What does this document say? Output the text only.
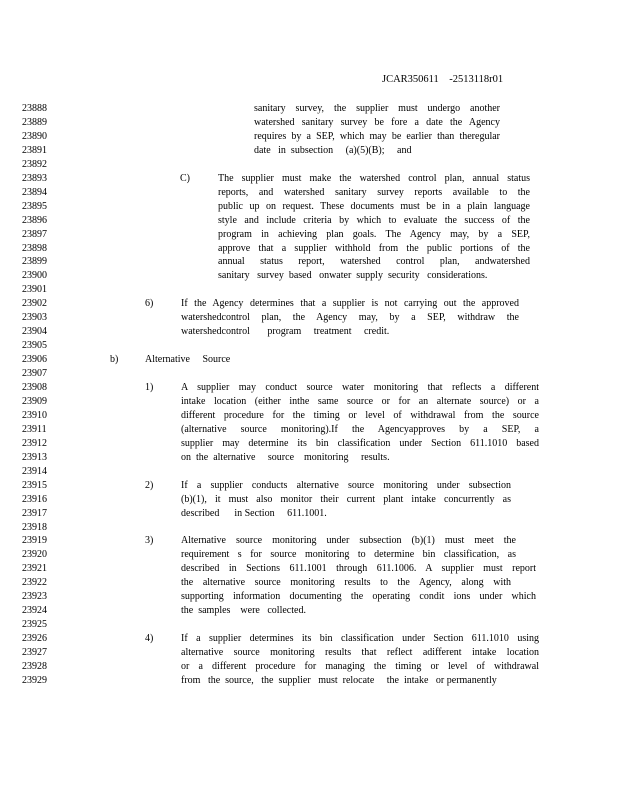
JCAR350611    -2513118r01
23888	sanitary survey, the supplier must undergo another
23889	watershed sanitary survey be fore a date the Agency
23890	requires by a SEP, which may be earlier than theregular
23891	date   in  subsection     (a)(5)(B);     and
23892
23893	C)	The supplier must make the watershed control plan, annual status
23894	reports, and watershed sanitary survey reports available to the
23895	public up on request. These documents must be in a plain language
23896	style and include criteria by which to evaluate the success of the
23897	program in achieving plan goals. The Agency may, by a SEP,
23898	approve that a supplier withhold from the public portions of the
23899	annual status report, watershed control plan, andwatershed
23900	sanitary   survey  based   onwater  supply  security   considerations.
23901
23902	6)	If the Agency determines that a supplier is not carrying out the approved
23903	watershedcontrol plan, the Agency may, by a SEP, withdraw the
23904	watershedcontrol       program     treatment     credit.
23905
23906	b)	Alternative     Source
23907
23908	1)	A supplier may conduct source water monitoring that reflects a different
23909	intake location (either inthe same source or for an alternate source) or a
23910	different procedure for the timing or level of withdrawal from the source
23911	(alternative source monitoring).If the Agencyapproves by a SEP, a
23912	supplier may determine its bin classification under Section 611.1010 based
23913	on  the  alternative     source    monitoring     results.
23914
23915	2)	If a supplier conducts alternative source monitoring under subsection
23916	(b)(1), it must also monitor their current plant intake concurrently as
23917	described      in Section     611.1001.
23918
23919	3)	Alternative source monitoring under subsection (b)(1) must meet the
23920	requirement s for source monitoring to determine bin classification, as
23921	described in Sections 611.1001 through 611.1006. A supplier must report
23922	the alternative source monitoring results to the Agency, along with
23923	supporting information documenting the operating condit ions under which
23924	the  samples    were   collected.
23925
23926	4)	If a supplier determines its bin classification under Section 611.1010 using
23927	alternative source monitoring results that reflect adifferent intake location
23928	or a different procedure for managing the timing or level of withdrawal
23929	from   the  source,   the  supplier   must  relocate     the  intake   or permanently
